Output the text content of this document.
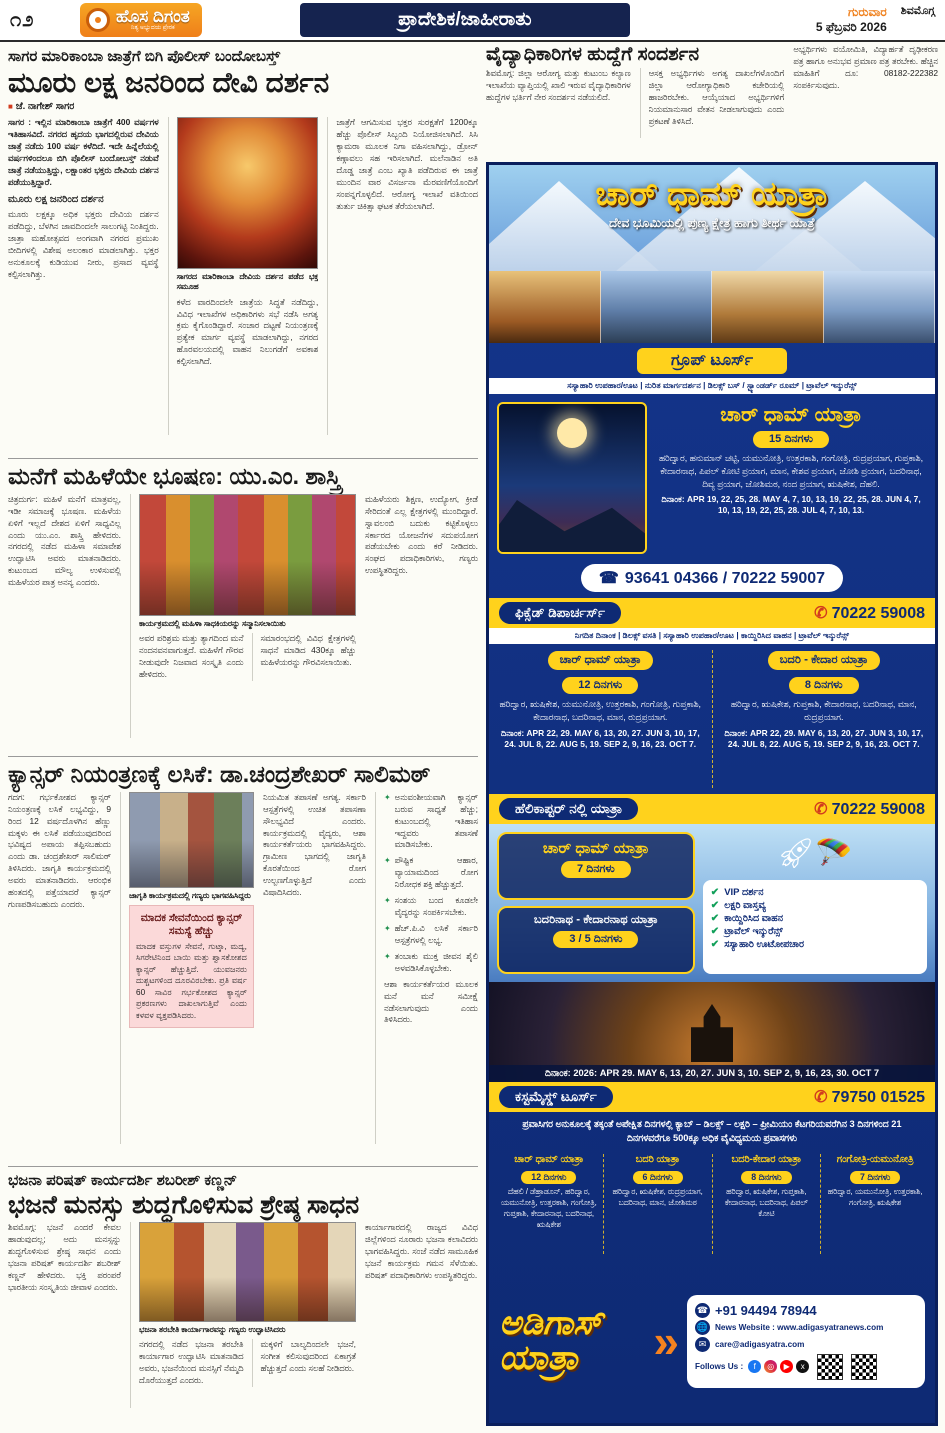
೧೨	ಹೊಸ ದಿಗಂತ
ನಿತ್ಯ ಅಭ್ಯುದಯ ಪ್ರೇರಕ	ಪ್ರಾದೇಶಿಕ/ಜಾಹೀರಾತು	ಗುರುವಾರ
5 ಫೆಬ್ರವರಿ 2026
ಶಿವಮೊಗ್ಗ
ಸಾಗರ ಮಾರಿಕಾಂಬಾ ಜಾತ್ರೆಗೆ ಬಿಗಿ ಪೊಲೀಸ್ ಬಂದೋಬಸ್ತ್
ಮೂರು ಲಕ್ಷ ಜನರಿಂದ ದೇವಿ ದರ್ಶನ
■ ಜೆ. ನಾಗೇಶ್ ಸಾಗರ
ಸಾಗರ : ಇಲ್ಲಿನ ಮಾರಿಕಾಂಬಾ ಜಾತ್ರೆಗೆ 400 ವರ್ಷಗಳ ಇತಿಹಾಸವಿದೆ. ನಗರದ ಹೃದಯ ಭಾಗದಲ್ಲಿರುವ ದೇವಿಯ ಜಾತ್ರೆ ನಡೆದು 100 ವರ್ಷ ಕಳೆದಿದೆ. ಇದೇ ಹಿನ್ನೆಲೆಯಲ್ಲಿ ವರ್ಷಗಳಿಂದಲೂ ಬಿಗಿ ಪೊಲೀಸ್ ಬಂದೋಬಸ್ತ್ ನಡುವೆ ಜಾತ್ರೆ ನಡೆಯುತ್ತಿದ್ದು, ಲಕ್ಷಾಂತರ ಭಕ್ತರು ದೇವಿಯ ದರ್ಶನ ಪಡೆಯುತ್ತಿದ್ದಾರೆ.
ಮೂರು ಲಕ್ಷ ಜನರಿಂದ ದರ್ಶನ
ಮೂರು ಲಕ್ಷಕ್ಕೂ ಅಧಿಕ ಭಕ್ತರು ದೇವಿಯ ದರ್ಶನ ಪಡೆದಿದ್ದು, ಬೆಳಗಿನ ಜಾವದಿಂದಲೇ ಸಾಲುಗಟ್ಟಿ ನಿಂತಿದ್ದರು. ಜಾತ್ರಾ ಮಹೋತ್ಸವದ ಅಂಗವಾಗಿ ನಗರದ ಪ್ರಮುಖ ಬೀದಿಗಳಲ್ಲಿ ವಿಶೇಷ ಅಲಂಕಾರ ಮಾಡಲಾಗಿತ್ತು. ಭಕ್ತರ ಅನುಕೂಲಕ್ಕೆ ಕುಡಿಯುವ ನೀರು, ಪ್ರಸಾದ ವ್ಯವಸ್ಥೆ ಕಲ್ಪಿಸಲಾಗಿತ್ತು.	ಸಾಗರದ ಮಾರಿಕಾಂಬಾ ದೇವಿಯ ದರ್ಶನ ಪಡೆದ ಭಕ್ತ ಸಮೂಹ
ಕಳೆದ ವಾರದಿಂದಲೇ ಜಾತ್ರೆಯ ಸಿದ್ಧತೆ ನಡೆದಿದ್ದು, ವಿವಿಧ ಇಲಾಖೆಗಳ ಅಧಿಕಾರಿಗಳು ಸಭೆ ನಡೆಸಿ ಅಗತ್ಯ ಕ್ರಮ ಕೈಗೊಂಡಿದ್ದಾರೆ. ಸಂಚಾರ ದಟ್ಟಣೆ ನಿಯಂತ್ರಣಕ್ಕೆ ಪ್ರತ್ಯೇಕ ಮಾರ್ಗ ವ್ಯವಸ್ಥೆ ಮಾಡಲಾಗಿದ್ದು, ನಗರದ ಹೊರವಲಯದಲ್ಲಿ ವಾಹನ ನಿಲುಗಡೆಗೆ ಅವಕಾಶ ಕಲ್ಪಿಸಲಾಗಿದೆ.
ಜಾತ್ರೆಗೆ ಆಗಮಿಸುವ ಭಕ್ತರ ಸುರಕ್ಷತೆಗೆ 1200ಕ್ಕೂ ಹೆಚ್ಚು ಪೊಲೀಸ್ ಸಿಬ್ಬಂದಿ ನಿಯೋಜಿಸಲಾಗಿದೆ. ಸಿಸಿ ಕ್ಯಾಮರಾ ಮೂಲಕ ನಿಗಾ ವಹಿಸಲಾಗಿದ್ದು, ಡ್ರೋನ್ ಕಣ್ಗಾವಲು ಸಹ ಇರಿಸಲಾಗಿದೆ. ಮಲೆನಾಡಿನ ಅತಿ ದೊಡ್ಡ ಜಾತ್ರೆ ಎಂಬ ಖ್ಯಾತಿ ಪಡೆದಿರುವ ಈ ಜಾತ್ರೆ ಮುಂದಿನ ವಾರ ವಿಸರ್ಜನಾ ಮೆರವಣಿಗೆಯೊಂದಿಗೆ ಸಂಪನ್ನಗೊಳ್ಳಲಿದೆ. ಆರೋಗ್ಯ ಇಲಾಖೆ ವತಿಯಿಂದ ತುರ್ತು ಚಿಕಿತ್ಸಾ ಘಟಕ ತೆರೆಯಲಾಗಿದೆ.
ವೈದ್ಯಾಧಿಕಾರಿಗಳ ಹುದ್ದೆಗೆ ಸಂದರ್ಶನ
ಶಿವಮೊಗ್ಗ: ಜಿಲ್ಲಾ ಆರೋಗ್ಯ ಮತ್ತು ಕುಟುಂಬ ಕಲ್ಯಾಣ ಇಲಾಖೆಯ ವ್ಯಾಪ್ತಿಯಲ್ಲಿ ಖಾಲಿ ಇರುವ ವೈದ್ಯಾಧಿಕಾರಿಗಳ ಹುದ್ದೆಗಳ ಭರ್ತಿಗೆ ನೇರ ಸಂದರ್ಶನ ನಡೆಯಲಿದೆ.
ಆಸಕ್ತ ಅಭ್ಯರ್ಥಿಗಳು ಅಗತ್ಯ ದಾಖಲೆಗಳೊಂದಿಗೆ ಜಿಲ್ಲಾ ಆರೋಗ್ಯಾಧಿಕಾರಿ ಕಚೇರಿಯಲ್ಲಿ ಹಾಜರಿರಬೇಕು. ಆಯ್ಕೆಯಾದ ಅಭ್ಯರ್ಥಿಗಳಿಗೆ ನಿಯಮಾನುಸಾರ ವೇತನ ನೀಡಲಾಗುವುದು ಎಂದು ಪ್ರಕಟಣೆ ತಿಳಿಸಿದೆ.
ಅಭ್ಯರ್ಥಿಗಳು ವಯೋಮಿತಿ, ವಿದ್ಯಾರ್ಹತೆ ದೃಢೀಕರಣ ಪತ್ರ ಹಾಗೂ ಅನುಭವ ಪ್ರಮಾಣ ಪತ್ರ ತರಬೇಕು. ಹೆಚ್ಚಿನ ಮಾಹಿತಿಗೆ ದೂ: 08182-222382 ಸಂಪರ್ಕಿಸುವುದು.
ಮನೆಗೆ ಮಹಿಳೆಯೇ ಭೂಷಣ: ಯು.ಎಂ. ಶಾಸ್ತ್ರಿ
ಚಿತ್ರದುರ್ಗ: ಮಹಿಳೆ ಮನೆಗೆ ಮಾತ್ರವಲ್ಲ, ಇಡೀ ಸಮಾಜಕ್ಕೆ ಭೂಷಣ. ಮಹಿಳೆಯ ಏಳಿಗೆ ಇಲ್ಲದೆ ದೇಶದ ಏಳಿಗೆ ಸಾಧ್ಯವಿಲ್ಲ ಎಂದು ಯು.ಎಂ. ಶಾಸ್ತ್ರಿ ಹೇಳಿದರು. ನಗರದಲ್ಲಿ ನಡೆದ ಮಹಿಳಾ ಸಮಾವೇಶ ಉದ್ಘಾಟಿಸಿ ಅವರು ಮಾತನಾಡಿದರು. ಕುಟುಂಬದ ಮೌಲ್ಯ ಉಳಿಸುವಲ್ಲಿ ಮಹಿಳೆಯರ ಪಾತ್ರ ಅನನ್ಯ ಎಂದರು.
ಕಾರ್ಯಕ್ರಮದಲ್ಲಿ ಮಹಿಳಾ ಸಾಧಕಿಯರನ್ನು ಸನ್ಮಾನಿಸಲಾಯಿತು
ಅವರ ಪರಿಶ್ರಮ ಮತ್ತು ತ್ಯಾಗದಿಂದ ಮನೆ ನಂದನವನವಾಗುತ್ತದೆ. ಮಹಿಳೆಗೆ ಗೌರವ ನೀಡುವುದೇ ನಿಜವಾದ ಸಂಸ್ಕೃತಿ ಎಂದು ಹೇಳಿದರು.
ಸಮಾರಂಭದಲ್ಲಿ ವಿವಿಧ ಕ್ಷೇತ್ರಗಳಲ್ಲಿ ಸಾಧನೆ ಮಾಡಿದ 430ಕ್ಕೂ ಹೆಚ್ಚು ಮಹಿಳೆಯರನ್ನು ಗೌರವಿಸಲಾಯಿತು.
ಮಹಿಳೆಯರು ಶಿಕ್ಷಣ, ಉದ್ಯೋಗ, ಕ್ರೀಡೆ ಸೇರಿದಂತೆ ಎಲ್ಲ ಕ್ಷೇತ್ರಗಳಲ್ಲಿ ಮುಂದಿದ್ದಾರೆ. ಸ್ವಾವಲಂಬಿ ಬದುಕು ಕಟ್ಟಿಕೊಳ್ಳಲು ಸರ್ಕಾರದ ಯೋಜನೆಗಳ ಸದುಪಯೋಗ ಪಡೆಯಬೇಕು ಎಂದು ಕರೆ ನೀಡಿದರು. ಸಂಘದ ಪದಾಧಿಕಾರಿಗಳು, ಗಣ್ಯರು ಉಪಸ್ಥಿತರಿದ್ದರು.
ಕ್ಯಾನ್ಸರ್ ನಿಯಂತ್ರಣಕ್ಕೆ ಲಸಿಕೆ: ಡಾ.ಚಂದ್ರಶೇಖರ್ ಸಾಲಿಮಠ್
ಗದಗ: ಗರ್ಭಕೋಶದ ಕ್ಯಾನ್ಸರ್ ನಿಯಂತ್ರಣಕ್ಕೆ ಲಸಿಕೆ ಲಭ್ಯವಿದ್ದು, 9 ರಿಂದ 12 ವರ್ಷದೊಳಗಿನ ಹೆಣ್ಣು ಮಕ್ಕಳು ಈ ಲಸಿಕೆ ಪಡೆಯುವುದರಿಂದ ಭವಿಷ್ಯದ ಅಪಾಯ ತಪ್ಪಿಸಬಹುದು ಎಂದು ಡಾ. ಚಂದ್ರಶೇಖರ್ ಸಾಲಿಮಠ್ ತಿಳಿಸಿದರು. ಜಾಗೃತಿ ಕಾರ್ಯಕ್ರಮದಲ್ಲಿ ಅವರು ಮಾತನಾಡಿದರು. ಆರಂಭಿಕ ಹಂತದಲ್ಲಿ ಪತ್ತೆಯಾದರೆ ಕ್ಯಾನ್ಸರ್ ಗುಣಪಡಿಸಬಹುದು ಎಂದರು.
ಜಾಗೃತಿ ಕಾರ್ಯಕ್ರಮದಲ್ಲಿ ಗಣ್ಯರು ಭಾಗವಹಿಸಿದ್ದರು
ಮಾದಕ ಸೇವನೆಯಿಂದ ಕ್ಯಾನ್ಸರ್ ಸಮಸ್ಯೆ ಹೆಚ್ಚು

ಮಾದಕ ವಸ್ತುಗಳ ಸೇವನೆ, ಗುಟ್ಕಾ, ಮದ್ಯ, ಸಿಗರೇಟಿನಿಂದ ಬಾಯಿ ಮತ್ತು ಶ್ವಾಸಕೋಶದ ಕ್ಯಾನ್ಸರ್ ಹೆಚ್ಚುತ್ತಿದೆ. ಯುವಜನರು ದುಶ್ಚಟಗಳಿಂದ ದೂರವಿರಬೇಕು. ಪ್ರತಿ ವರ್ಷ 60 ಸಾವಿರ ಗರ್ಭಕೋಶದ ಕ್ಯಾನ್ಸರ್ ಪ್ರಕರಣಗಳು ದಾಖಲಾಗುತ್ತಿವೆ ಎಂದು ಕಳವಳ ವ್ಯಕ್ತಪಡಿಸಿದರು.

ನಿಯಮಿತ ತಪಾಸಣೆ ಅಗತ್ಯ. ಸರ್ಕಾರಿ ಆಸ್ಪತ್ರೆಗಳಲ್ಲಿ ಉಚಿತ ತಪಾಸಣಾ ಸೌಲಭ್ಯವಿದೆ ಎಂದರು. ಕಾರ್ಯಕ್ರಮದಲ್ಲಿ ವೈದ್ಯರು, ಆಶಾ ಕಾರ್ಯಕರ್ತೆಯರು ಭಾಗವಹಿಸಿದ್ದರು. ಗ್ರಾಮೀಣ ಭಾಗದಲ್ಲಿ ಜಾಗೃತಿ ಕೊರತೆಯಿಂದ ರೋಗ ಉಲ್ಬಣಗೊಳ್ಳುತ್ತಿದೆ ಎಂದು ವಿಷಾದಿಸಿದರು.
✦ ಅನುವಂಶೀಯವಾಗಿ ಕ್ಯಾನ್ಸರ್ ಬರುವ ಸಾಧ್ಯತೆ ಹೆಚ್ಚು; ಕುಟುಂಬದಲ್ಲಿ ಇತಿಹಾಸ ಇದ್ದವರು ತಪಾಸಣೆ ಮಾಡಿಸಬೇಕು.
✦ ಪೌಷ್ಟಿಕ ಆಹಾರ, ವ್ಯಾಯಾಮದಿಂದ ರೋಗ ನಿರೋಧಕ ಶಕ್ತಿ ಹೆಚ್ಚುತ್ತದೆ.
✦ ಸಂಶಯ ಬಂದ ಕೂಡಲೇ ವೈದ್ಯರನ್ನು ಸಂಪರ್ಕಿಸಬೇಕು.
✦ ಹೆಚ್.ಪಿ.ವಿ ಲಸಿಕೆ ಸರ್ಕಾರಿ ಆಸ್ಪತ್ರೆಗಳಲ್ಲಿ ಲಭ್ಯ.
✦ ತಂಬಾಕು ಮುಕ್ತ ಜೀವನ ಶೈಲಿ ಅಳವಡಿಸಿಕೊಳ್ಳಬೇಕು.
ಆಶಾ ಕಾರ್ಯಕರ್ತೆಯರ ಮೂಲಕ ಮನೆ ಮನೆ ಸಮೀಕ್ಷೆ ನಡೆಸಲಾಗುವುದು ಎಂದು ತಿಳಿಸಿದರು.
ಭಜನಾ ಪರಿಷತ್ ಕಾರ್ಯದರ್ಶಿ ಶಬರೀಶ್ ಕಣ್ಣನ್
ಭಜನೆ ಮನಸ್ಸು ಶುದ್ಧಗೊಳಿಸುವ ಶ್ರೇಷ್ಠ ಸಾಧನ
ಶಿವಮೊಗ್ಗ: ಭಜನೆ ಎಂದರೆ ಕೇವಲ ಹಾಡುವುದಲ್ಲ; ಅದು ಮನಸ್ಸನ್ನು ಶುದ್ಧಗೊಳಿಸುವ ಶ್ರೇಷ್ಠ ಸಾಧನ ಎಂದು ಭಜನಾ ಪರಿಷತ್ ಕಾರ್ಯದರ್ಶಿ ಶಬರೀಶ್ ಕಣ್ಣನ್ ಹೇಳಿದರು. ಭಕ್ತಿ ಪರಂಪರೆ ಭಾರತೀಯ ಸಂಸ್ಕೃತಿಯ ಜೀವಾಳ ಎಂದರು.
ಭಜನಾ ತರಬೇತಿ ಕಾರ್ಯಾಗಾರವನ್ನು ಗಣ್ಯರು ಉದ್ಘಾಟಿಸಿದರು
ನಗರದಲ್ಲಿ ನಡೆದ ಭಜನಾ ತರಬೇತಿ ಕಾರ್ಯಾಗಾರ ಉದ್ಘಾಟಿಸಿ ಮಾತನಾಡಿದ ಅವರು, ಭಜನೆಯಿಂದ ಮನಸ್ಸಿಗೆ ನೆಮ್ಮದಿ ದೊರೆಯುತ್ತದೆ ಎಂದರು.
ಮಕ್ಕಳಿಗೆ ಬಾಲ್ಯದಿಂದಲೇ ಭಜನೆ, ಸಂಗೀತ ಕಲಿಸುವುದರಿಂದ ಏಕಾಗ್ರತೆ ಹೆಚ್ಚುತ್ತದೆ ಎಂದು ಸಲಹೆ ನೀಡಿದರು.
ಕಾರ್ಯಾಗಾರದಲ್ಲಿ ರಾಜ್ಯದ ವಿವಿಧ ಜಿಲ್ಲೆಗಳಿಂದ ನೂರಾರು ಭಜನಾ ಕಲಾವಿದರು ಭಾಗವಹಿಸಿದ್ದರು. ಸಂಜೆ ನಡೆದ ಸಾಮೂಹಿಕ ಭಜನೆ ಕಾರ್ಯಕ್ರಮ ಗಮನ ಸೆಳೆಯಿತು. ಪರಿಷತ್ ಪದಾಧಿಕಾರಿಗಳು ಉಪಸ್ಥಿತರಿದ್ದರು.
ಚಾರ್ ಧಾಮ್ ಯಾತ್ರಾ
ದೇವ ಭೂಮಿಯಲ್ಲಿ ಪುಣ್ಯ ಕ್ಷೇತ್ರ ಹಾಗು ತೀರ್ಥ ಯಾತ್ರೆ
ಗ್ರೂಪ್ ಟೂರ್ಸ್
ಸಸ್ಯಾಹಾರಿ ಉಪಹಾರ/ಊಟ | ನುರಿತ ಮಾರ್ಗದರ್ಶನ | ಡಿಲಕ್ಸ್ ಬಸ್ / ಸ್ಟ್ಯಾಂಡರ್ಡ್ ರೂಮ್ | ಟ್ರಾವೆಲ್ ಇನ್ಶುರೆನ್ಸ್
ಚಾರ್ ಧಾಮ್ ಯಾತ್ರಾ
15 ದಿನಗಳು
ಹರಿದ್ವಾರ, ಹನುಮಾನ್ ಚಟ್ಟಿ, ಯಮುನೋತ್ರಿ, ಉತ್ತರಕಾಶಿ, ಗಂಗೋತ್ರಿ, ರುದ್ರಪ್ರಯಾಗ, ಗುಪ್ತಕಾಶಿ, ಕೇದಾರನಾಥ, ಪಿಪಲ್ ಕೋಟಿ ಪ್ರಯಾಗ, ಮಾನ, ಕೇಶವ ಪ್ರಯಾಗ, ಜೋಶಿ ಪ್ರಯಾಗ, ಬದರಿನಾಥ, ದಿವ್ಯ ಪ್ರಯಾಗ, ಜೋಶಿಮಠ, ನಂದ ಪ್ರಯಾಗ, ಋಷಿಕೇಶ, ದೆಹಲಿ.
ದಿನಾಂಕ: APR 19, 22, 25, 28. MAY 4, 7, 10, 13, 19, 22, 25, 28. JUN 4, 7, 10, 13, 19, 22, 25, 28. JUL 4, 7, 10, 13.
☎ 93641 04366 / 70222 59007
ಫಿಕ್ಸೆಡ್ ಡಿಪಾರ್ಚರ್ಸ್	✆ 70222 59008
ನಿಗದಿತ ದಿನಾಂಕ | ಡಿಲಕ್ಸ್ ವಸತಿ | ಸಸ್ಯಾಹಾರಿ ಉಪಹಾರ/ಊಟ | ಕಾಯ್ದಿರಿಸಿದ ವಾಹನ | ಟ್ರಾವೆಲ್ ಇನ್ಶುರೆನ್ಸ್
ಚಾರ್ ಧಾಮ್ ಯಾತ್ರಾ
12 ದಿನಗಳು
ಹರಿದ್ವಾರ, ಋಷಿಕೇಶ, ಯಮುನೋತ್ರಿ, ಉತ್ತರಕಾಶಿ, ಗಂಗೋತ್ರಿ, ಗುಪ್ತಕಾಶಿ, ಕೇದಾರನಾಥ, ಬದರಿನಾಥ, ಮಾನ, ರುದ್ರಪ್ರಯಾಗ.
ದಿನಾಂಕ: APR 22, 29. MAY 6, 13, 20, 27. JUN 3, 10, 17, 24. JUL 8, 22. AUG 5, 19. SEP 2, 9, 16, 23. OCT 7.
ಬದರಿ - ಕೇದಾರ ಯಾತ್ರಾ
8 ದಿನಗಳು
ಹರಿದ್ವಾರ, ಋಷಿಕೇಶ, ಗುಪ್ತಕಾಶಿ, ಕೇದಾರನಾಥ, ಬದರಿನಾಥ, ಮಾನ, ರುದ್ರಪ್ರಯಾಗ.
ದಿನಾಂಕ: APR 22, 29. MAY 6, 13, 20, 27. JUN 3, 10, 17, 24. JUL 8, 22. AUG 5, 19. SEP 2, 9, 16, 23. OCT 7.
ಹೆಲಿಕಾಪ್ಟರ್ ನಲ್ಲಿ ಯಾತ್ರಾ	✆ 70222 59008
ಚಾರ್ ಧಾಮ್ ಯಾತ್ರಾ
7 ದಿನಗಳು
ಬದರಿನಾಥ - ಕೇದಾರನಾಥ ಯಾತ್ರಾ
3 / 5 ದಿನಗಳು
🚀︎🪂
✔ VIP ದರ್ಶನ
✔ ಲಕ್ಷರಿ ವಾಸ್ತವ್ಯ
✔ ಕಾಯ್ದಿರಿಸಿದ ವಾಹನ
✔ ಟ್ರಾವೆಲ್ ಇನ್ಶುರೆನ್ಸ್
✔ ಸಸ್ಯಾಹಾರಿ ಊಟೋಪಚಾರ
ದಿನಾಂಕ: 2026: APR 29. MAY 6, 13, 20, 27. JUN 3, 10. SEP 2, 9, 16, 23, 30. OCT 7
ಕಸ್ಟಮೈಸ್ಡ್ ಟೂರ್ಸ್	✆ 79750 01525
ಪ್ರವಾಸಿಗರ ಅನುಕೂಲಕ್ಕೆ ತಕ್ಕಂತೆ ಅಪೇಕ್ಷಿತ ದಿನಗಳಲ್ಲಿ ಕ್ಯಾಬ್ – ಡಿಲಕ್ಸ್ – ಲಕ್ಷರಿ – ಪ್ರೀಮಿಯಂ ಕೆಟಗರಿಯವರೆಗಿನ 3 ದಿನಗಳಿಂದ 21 ದಿನಗಳವರೆಗೂ 500ಕ್ಕೂ ಅಧಿಕ ವೈವಿಧ್ಯಮಯ ಪ್ರವಾಸಗಳು
ಚಾರ್ ಧಾಮ್ ಯಾತ್ರಾ
12 ದಿನಗಳು
ದೆಹಲಿ / ಡೆಹ್ರಾಡೂನ್, ಹರಿದ್ವಾರ, ಯಮುನೋತ್ರಿ, ಉತ್ತರಕಾಶಿ, ಗಂಗೋತ್ರಿ, ಗುಪ್ತಕಾಶಿ, ಕೇದಾರನಾಥ, ಬದರಿನಾಥ, ಋಷಿಕೇಶ
ಬದರಿ ಯಾತ್ರಾ
6 ದಿನಗಳು
ಹರಿದ್ವಾರ, ಋಷಿಕೇಶ, ರುದ್ರಪ್ರಯಾಗ, ಬದರಿನಾಥ, ಮಾನ, ಜೋಶಿಮಠ
ಬದರಿ-ಕೇದಾರ ಯಾತ್ರಾ
8 ದಿನಗಳು
ಹರಿದ್ವಾರ, ಋಷಿಕೇಶ, ಗುಪ್ತಕಾಶಿ, ಕೇದಾರನಾಥ, ಬದರಿನಾಥ, ಪಿಪಲ್ ಕೋಟಿ
ಗಂಗೋತ್ರಿ-ಯಮುನೋತ್ರಿ
7 ದಿನಗಳು
ಹರಿದ್ವಾರ, ಯಮುನೋತ್ರಿ, ಉತ್ತರಕಾಶಿ, ಗಂಗೋತ್ರಿ, ಋಷಿಕೇಶ
ಅಡಿಗಾಸ್
ಯಾತ್ರಾ	»
☎ +91 94494 78944
🌐 News Website : www.adigasyatranews.com
✉	care@adigasyatra.com
Follows Us :	f	◎	▶	x
